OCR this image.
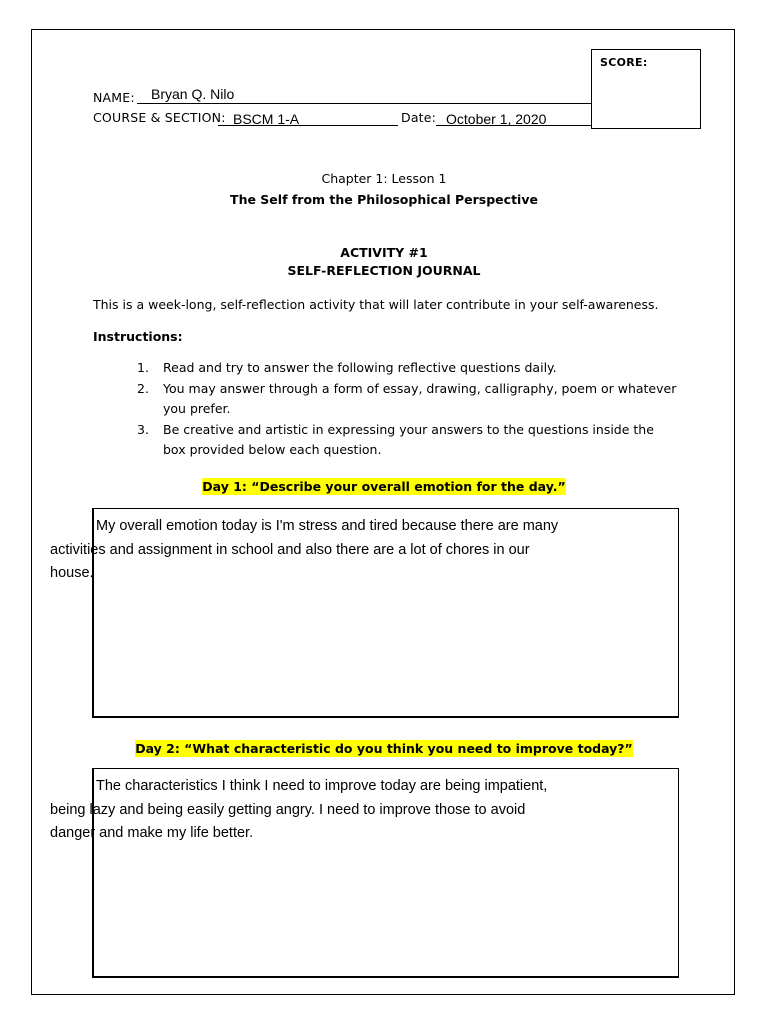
NAME: Bryan Q. Nilo
COURSE & SECTION: BSCM 1-A	Date: October 1, 2020
SCORE:
Chapter 1: Lesson 1
The Self from the Philosophical Perspective
ACTIVITY #1
SELF-REFLECTION JOURNAL
This is a week-long, self-reflection activity that will later contribute in your self-awareness.
Instructions:
1. Read and try to answer the following reflective questions daily.
2. You may answer through a form of essay, drawing, calligraphy, poem or whatever you prefer.
3. Be creative and artistic in expressing your answers to the questions inside the box provided below each question.
Day 1: “Describe your overall emotion for the day.”
My overall emotion today is I'm stress and tired because there are many activities and assignment in school and also there are a lot of chores in our house.
Day 2: “What characteristic do you think you need to improve today?”
The characteristics I think I need to improve today are being impatient, being lazy and being easily getting angry. I need to improve those to avoid danger and make my life better.
